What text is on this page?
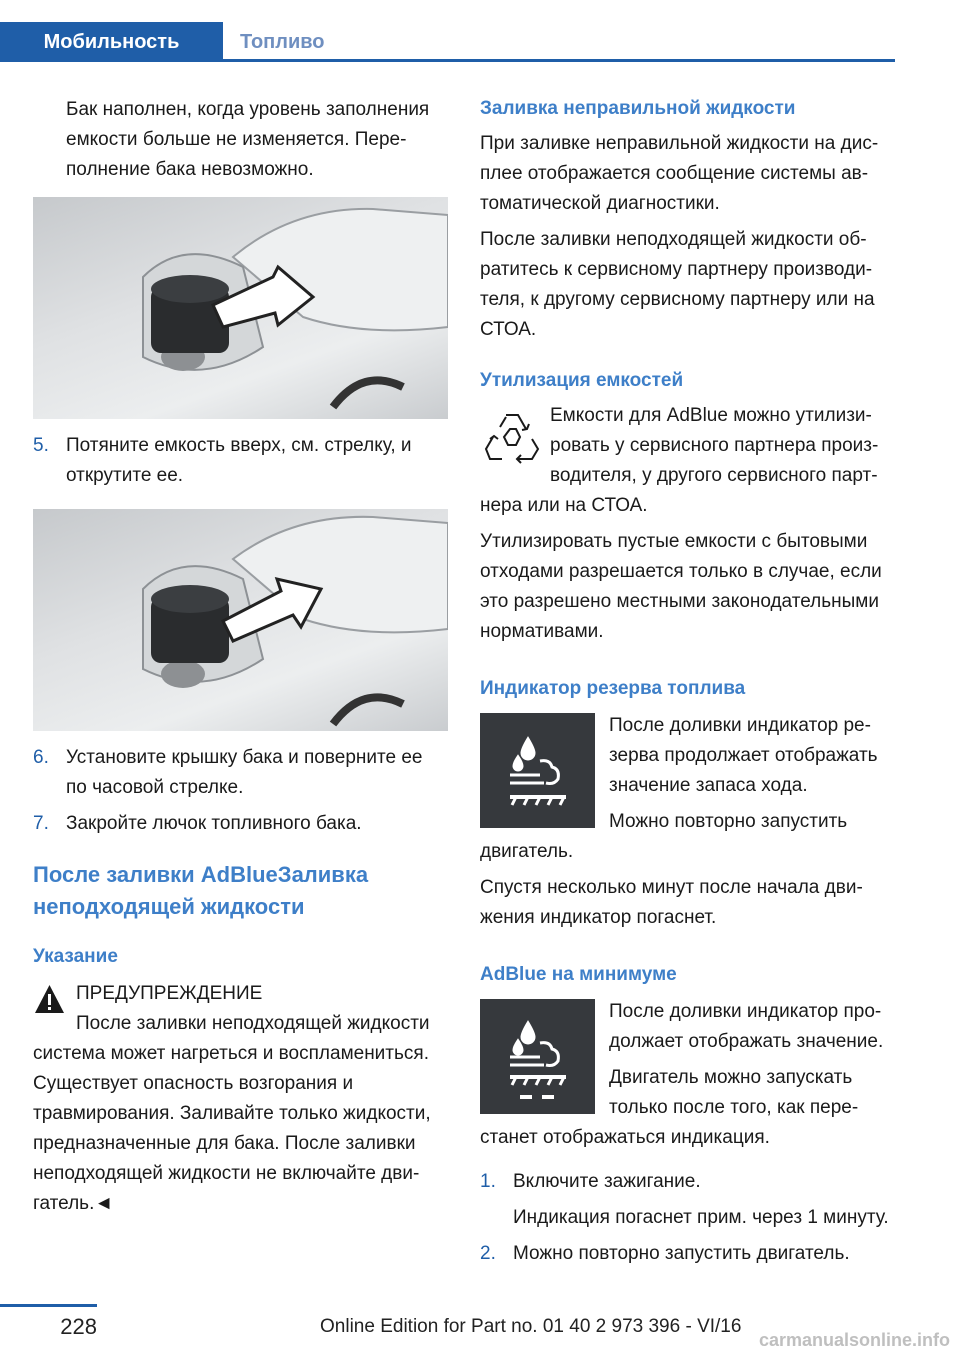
Мобильность	Топливо

Бак наполнен, когда уровень заполнения емкости больше не изменяется. Переполнение бака невозможно.

5. Потяните емкость вверх, см. стрелку, и открутите ее.
6. Установите крышку бака и поверните ее по часовой стрелке.
7. Закройте лючок топливного бака.
После заливки AdBlueЗаливка неподходящей жидкости
Указание

ПРЕДУПРЕЖДЕНИЕ

После заливки неподходящей жидкости система может нагреться и воспламениться. Существует опасность возгорания и травмирования. Заливайте только жидкости, предназначенные для бака. После заливки неподходящей жидкости не включайте двигатель.◄

Заливка неправильной жидкости

При заливке неправильной жидкости на дисплее отображается сообщение системы автоматической диагностики.

После заливки неподходящей жидкости обратитесь к сервисному партнеру производителя, к другому сервисному партнеру или на СТОА.

Утилизация емкостей

Емкости для AdBlue можно утилизировать у сервисного партнера производителя, у другого сервисного партнера или на СТОА.

Утилизировать пустые емкости с бытовыми отходами разрешается только в случае, если это разрешено местными законодательными нормативами.

Индикатор резерва топлива

После доливки индикатор резерва продолжает отображать значение запаса хода.

Можно повторно запустить двигатель.

Спустя несколько минут после начала движения индикатор погаснет.

AdBlue на минимуме

После доливки индикатор продолжает отображать значение.

Двигатель можно запускать только после того, как перестанет отображаться индикация.

1. Включите зажигание.
Индикация погаснет прим. через 1 минуту.
2. Можно повторно запустить двигатель.
228	Online Edition for Part no. 01 40 2 973 396 - VI/16
carmanualsonline.info
